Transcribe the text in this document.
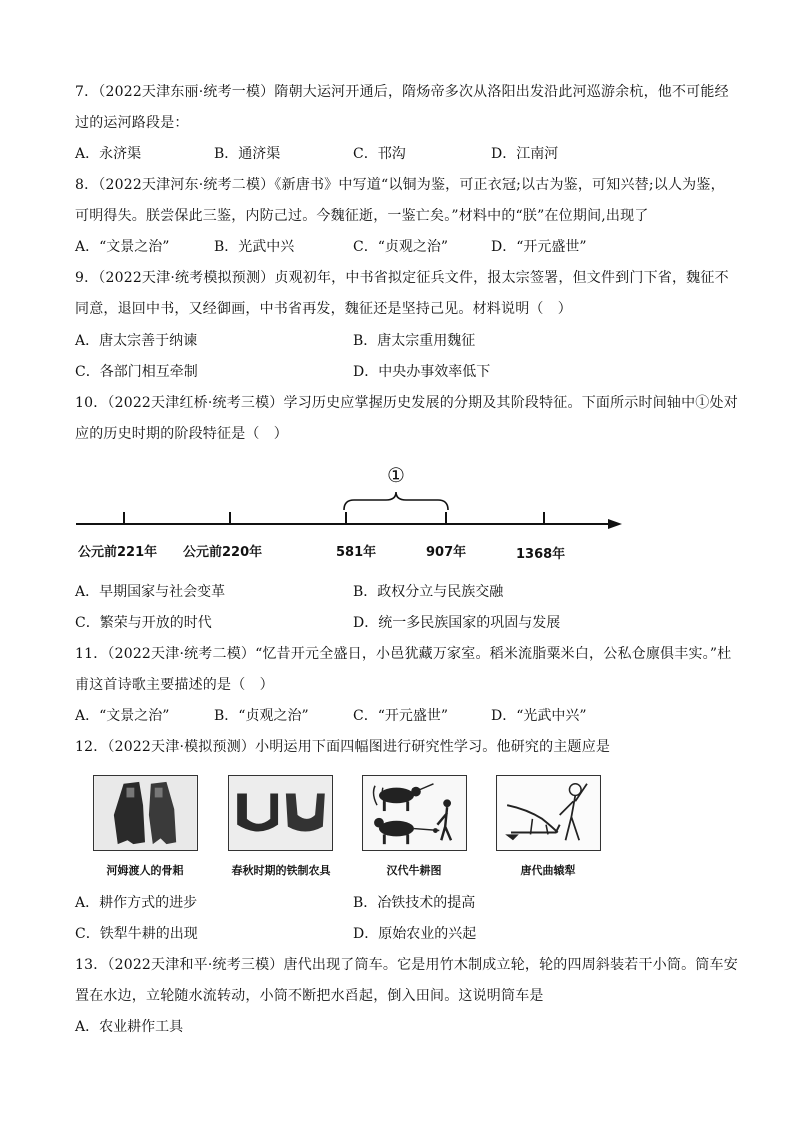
7．（2022天津东丽·统考一模）隋朝大运河开通后，隋炀帝多次从洛阳出发沿此河巡游余杭，他不可能经
过的运河路段是：
A．永济渠	B．通济渠	C．邗沟	D．江南河
8．（2022天津河东·统考二模）《新唐书》中写道“以铜为鉴，可正衣冠;以古为鉴，可知兴替;以人为鉴，
可明得失。朕尝保此三鉴，内防己过。今魏征逝，一鉴亡矣。”材料中的“朕”在位期间,出现了
A．“文景之治”	B．光武中兴	C．“贞观之治”	D．“开元盛世”
9．（2022天津·统考模拟预测）贞观初年，中书省拟定征兵文件，报太宗签署，但文件到门下省，魏征不
同意，退回中书，又经御画，中书省再发，魏征还是坚持己见。材料说明（　）
A．唐太宗善于纳谏	B．唐太宗重用魏征
C．各部门相互牵制	D．中央办事效率低下
10．（2022天津红桥·统考三模）学习历史应掌握历史发展的分期及其阶段特征。下面所示时间轴中①处对
应的历史时期的阶段特征是（　）
①
公元前221年 公元前220年	581年	907年	1368年
A．早期国家与社会变革	B．政权分立与民族交融
C．繁荣与开放的时代	D．统一多民族国家的巩固与发展
11．（2022天津·统考二模）“忆昔开元全盛日，小邑犹藏万家室。稻米流脂粟米白，公私仓廪俱丰实。”杜
甫这首诗歌主要描述的是（　）
A．“文景之治”	B．“贞观之治”	C．“开元盛世”	D．“光武中兴”
12．（2022天津·模拟预测）小明运用下面四幅图进行研究性学习。他研究的主题应是
河姆渡人的骨耜	春秋时期的铁制农具	汉代牛耕图	唐代曲辕犁
A．耕作方式的进步	B．冶铁技术的提高
C．铁犁牛耕的出现	D．原始农业的兴起
13．（2022天津和平·统考三模）唐代出现了筒车。它是用竹木制成立轮，轮的四周斜装若干小筒。筒车安
置在水边，立轮随水流转动，小筒不断把水舀起，倒入田间。这说明筒车是
A．农业耕作工具
